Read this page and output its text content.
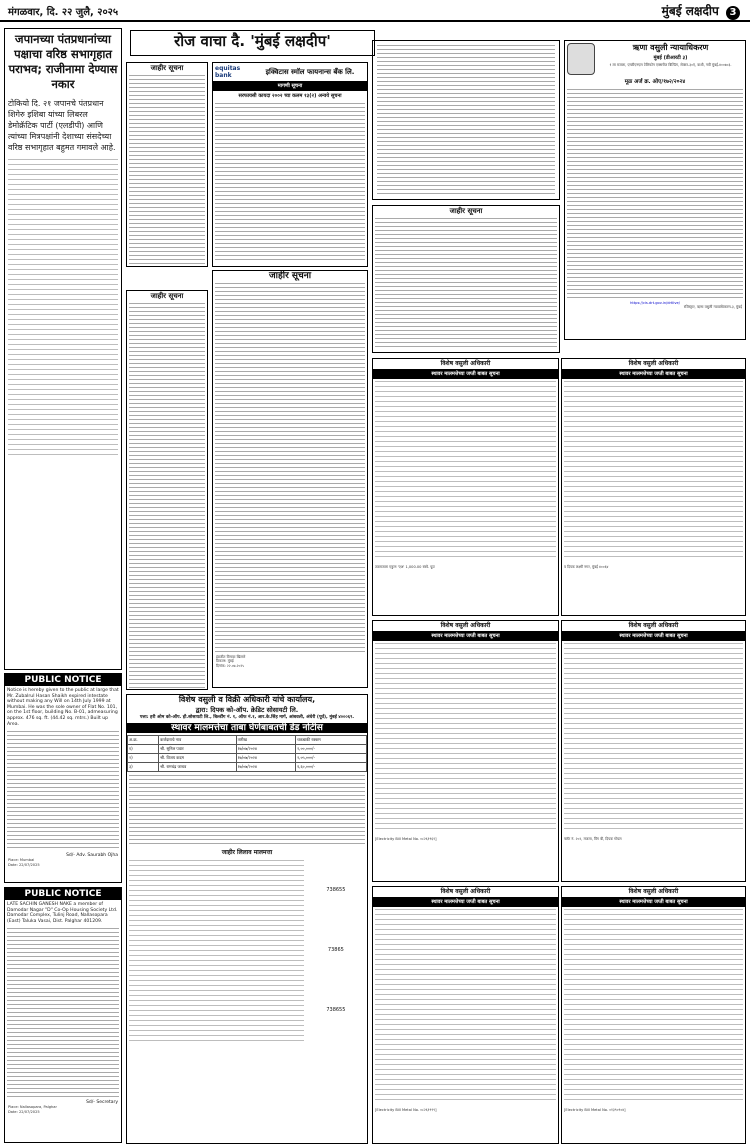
मंगळवार, दि. २२ जुलै, २०२५	मुंबई लक्षदीप 3
रोज वाचा दै. 'मुंबई लक्षदीप'
जपानच्या पंतप्रधानांच्या पक्षाचा वरिष्ठ सभागृहात पराभव; राजीनामा देण्यास नकार
टोकियो दि. २१ जपानचे पंतप्रधान शिगेरु इशिबा यांच्या लिबरल डेमोक्रॅटिक पार्टी (एलडीपी) आणि त्यांच्या मित्रपक्षांनी देशाच्या संसदेच्या वरिष्ठ सभागृहात बहुमत गमावले आहे.
PUBLIC NOTICE
Notice is hereby given to the public at large that Mr. Zubalrul Hasan Shaikh expired intestate without making any Will on 14th July 1999 at Mumbai. He was the sole owner of Flat No. 101, on the 1st floor, building No. B-01, admeasuring approx. 476 sq. ft. (44.42 sq. mtrs.) Built up Area.
Sd/- Adv. Saurabh Ojha
Place: Mumbai
Date: 22/07/2025
PUBLIC NOTICE
LATE SACHIN GANESH NAKE a member of Damodar Nagar "D" Co-Op Housing Society Ltd. Damodar Complex, Tulinj Road, Nallasopara (East) Taluka Vasai, Dist. Palghar 401209.
Sd/- Secretary
Place: Nallasopara, Palghar
Date: 22/07/2025
जाहीर सूचना
जाहीर सूचना
equitas bank	इक्विटास स्मॉल फायनान्स बँक लि.
मागणी सूचना
सरफायसी कायदा २००२ च्या कलम १३(२) अन्वये सूचना
जाहीर सूचना
इंग्रजीत विनाया खिलारे
ठिकाण: मुंबई
दिनांक: २२.०७.२०२५
विशेष वसुली व विक्री अधिकारी यांचे कार्यालय,
द्वारा: दिपक को-ऑप. क्रेडिट सोसायटी लि.
पत्ता: हरी ओम को-ऑप. हौ.सोसायटी लि., बिल्डींग नं. १, ऑफ नं.१, आर.के.सिंह मार्ग, आंबवली, अंधेरी (पूर्व), मुंबई ४०००६९.
स्थावर मालमत्तेचा ताबा घेणेबाबतची डेड नोटीस
अ.क्र.	कर्जदाराचे नाव	तारीख	थकबाकी रक्कम
१)	श्री. सुनिल पवार	१७/०७/२०२४	२,००,०००/-
२)	श्री. विजय कदम	१७/०७/२०२४	२,०५,०००/-
३)	श्री. रामचंद्र जाधव	१७/०७/२०२४	१,६०,०००/-
जाहीर लिलाव मालमत्ता
738655
73865
738655
ऋणा वसुली न्यायाधिकरण
मुंबई (डीआरटी ३)
१ ला मजला, एमटीएनएल टेलिफोन एक्सचेंज बिल्डिंग, सेक्टर-३०ए, वाशी, नवी मुंबई-४००७०३.
मूळ अर्ज क्र. ओए/१७२/२०२४
https://cis.drt.gov.in/drtlive/
रजिस्ट्रार, ऋणा वसुली न्यायाधिकरण-३, मुंबई
जाहीर सूचना
विशेष वसुली अधिकारी
स्थावर मालमत्तेच्या जप्ती बाबत सूचना
तळमजला एकुण 'एअ' 1,000.00 स्क्वे. फूट
विशेष वसुली अधिकारी
स्थावर मालमत्तेच्या जप्ती बाबत सूचना
व दिपक लक्ष्मी नगर, मुंबई ४००६४
विशेष वसुली अधिकारी
स्थावर मालमत्तेच्या जप्ती बाबत सूचना
[Electricity Bill Metal No. ०८२६१९६१]
विशेष वसुली अधिकारी
स्थावर मालमत्तेच्या जप्ती बाबत सूचना
फ्लॅट नं. २०२, मजला, विंग बी, दिपक गोयल
विशेष वसुली अधिकारी
स्थावर मालमत्तेच्या जप्ती बाबत सूचना
[Electricity Bill Metal No. ०८२६१९९९]
विशेष वसुली अधिकारी
स्थावर मालमत्तेच्या जप्ती बाबत सूचना
[Electricity Bill Metal No. ०१३९०९०४]
